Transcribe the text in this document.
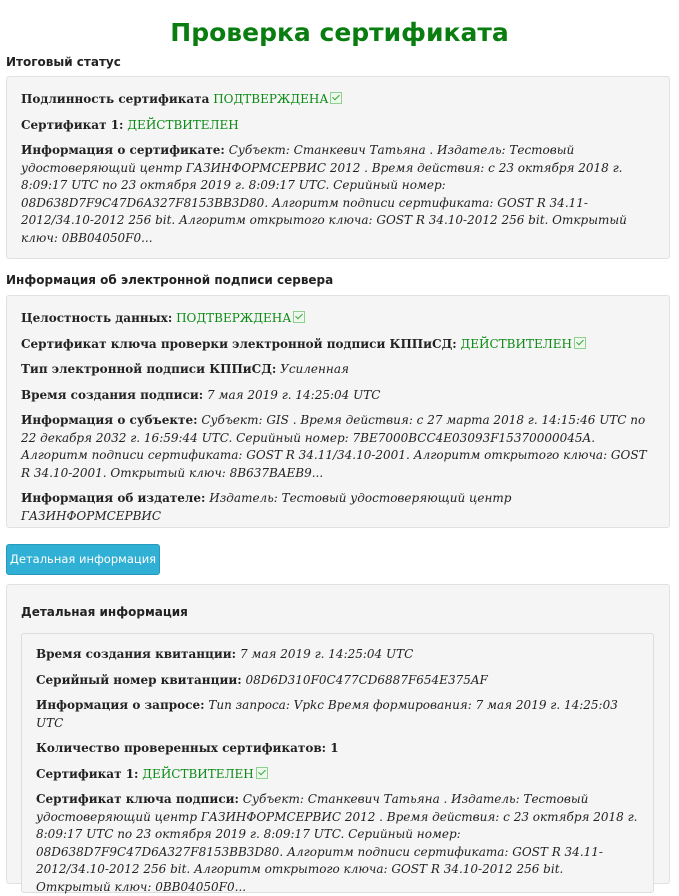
Проверка сертификата
Итоговый статус
Подлинность сертификата ПОДТВЕРЖДЕНА
Сертификат 1: ДЕЙСТВИТЕЛЕН
Информация о сертификате: Субъект: Станкевич Татьяна . Издатель: Тестовый удостоверяющий центр ГАЗИНФОРМСЕРВИС 2012 . Время действия: с 23 октября 2018 г. 8:09:17 UTC по 23 октября 2019 г. 8:09:17 UTC. Серийный номер: 08D638D7F9C47D6A327F8153BB3D80. Алгоритм подписи сертификата: GOST R 34.11-2012/34.10-2012 256 bit. Алгоритм открытого ключа: GOST R 34.10-2012 256 bit. Открытый ключ: 0BB04050F0...
Информация об электронной подписи сервера
Целостность данных: ПОДТВЕРЖДЕНА
Сертификат ключа проверки электронной подписи КППиСД: ДЕЙСТВИТЕЛЕН
Тип электронной подписи КППиСД: Усиленная
Время создания подписи: 7 мая 2019 г. 14:25:04 UTC
Информация о субъекте: Субъект: GIS . Время действия: с 27 марта 2018 г. 14:15:46 UTC по 22 декабря 2032 г. 16:59:44 UTC. Серийный номер: 7BE7000BCC4E03093F15370000045A. Алгоритм подписи сертификата: GOST R 34.11/34.10-2001. Алгоритм открытого ключа: GOST R 34.10-2001. Открытый ключ: 8B637BAEB9...
Информация об издателе: Издатель: Тестовый удостоверяющий центр ГАЗИНФОРМСЕРВИС
Детальная информация
Детальная информация
Время создания квитанции: 7 мая 2019 г. 14:25:04 UTC
Серийный номер квитанции: 08D6D310F0C477CD6887F654E375AF
Информация о запросе: Тип запроса: Vpkc Время формирования: 7 мая 2019 г. 14:25:03 UTC
Количество проверенных сертификатов: 1
Сертификат 1: ДЕЙСТВИТЕЛЕН
Сертификат ключа подписи: Субъект: Станкевич Татьяна . Издатель: Тестовый удостоверяющий центр ГАЗИНФОРМСЕРВИС 2012 . Время действия: с 23 октября 2018 г. 8:09:17 UTC по 23 октября 2019 г. 8:09:17 UTC. Серийный номер: 08D638D7F9C47D6A327F8153BB3D80. Алгоритм подписи сертификата: GOST R 34.11-2012/34.10-2012 256 bit. Алгоритм открытого ключа: GOST R 34.10-2012 256 bit. Открытый ключ: 0BB04050F0...
